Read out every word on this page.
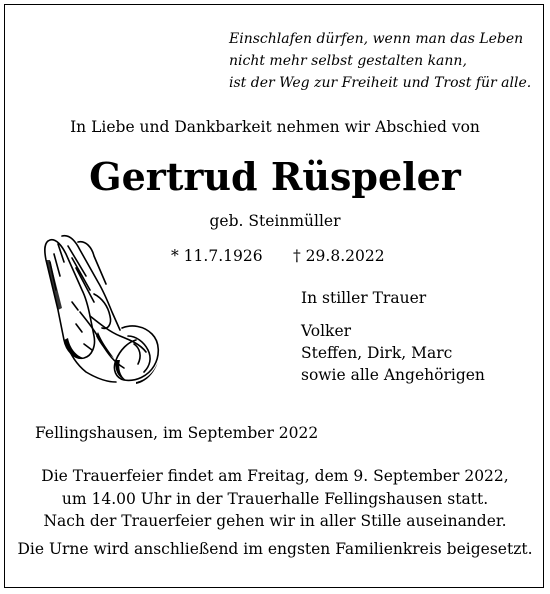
Einschlafen dürfen, wenn man das Leben
nicht mehr selbst gestalten kann,
ist der Weg zur Freiheit und Trost für alle.
In Liebe und Dankbarkeit nehmen wir Abschied von
Gertrud Rüspeler
geb. Steinmüller
* 11.7.1926 † 29.8.2022
In stiller Trauer
Volker
Steffen, Dirk, Marc
sowie alle Angehörigen
Fellingshausen, im September 2022
Die Trauerfeier findet am Freitag, dem 9. September 2022,
um 14.00 Uhr in der Trauerhalle Fellingshausen statt.
Nach der Trauerfeier gehen wir in aller Stille auseinander.
Die Urne wird anschließend im engsten Familienkreis beigesetzt.
